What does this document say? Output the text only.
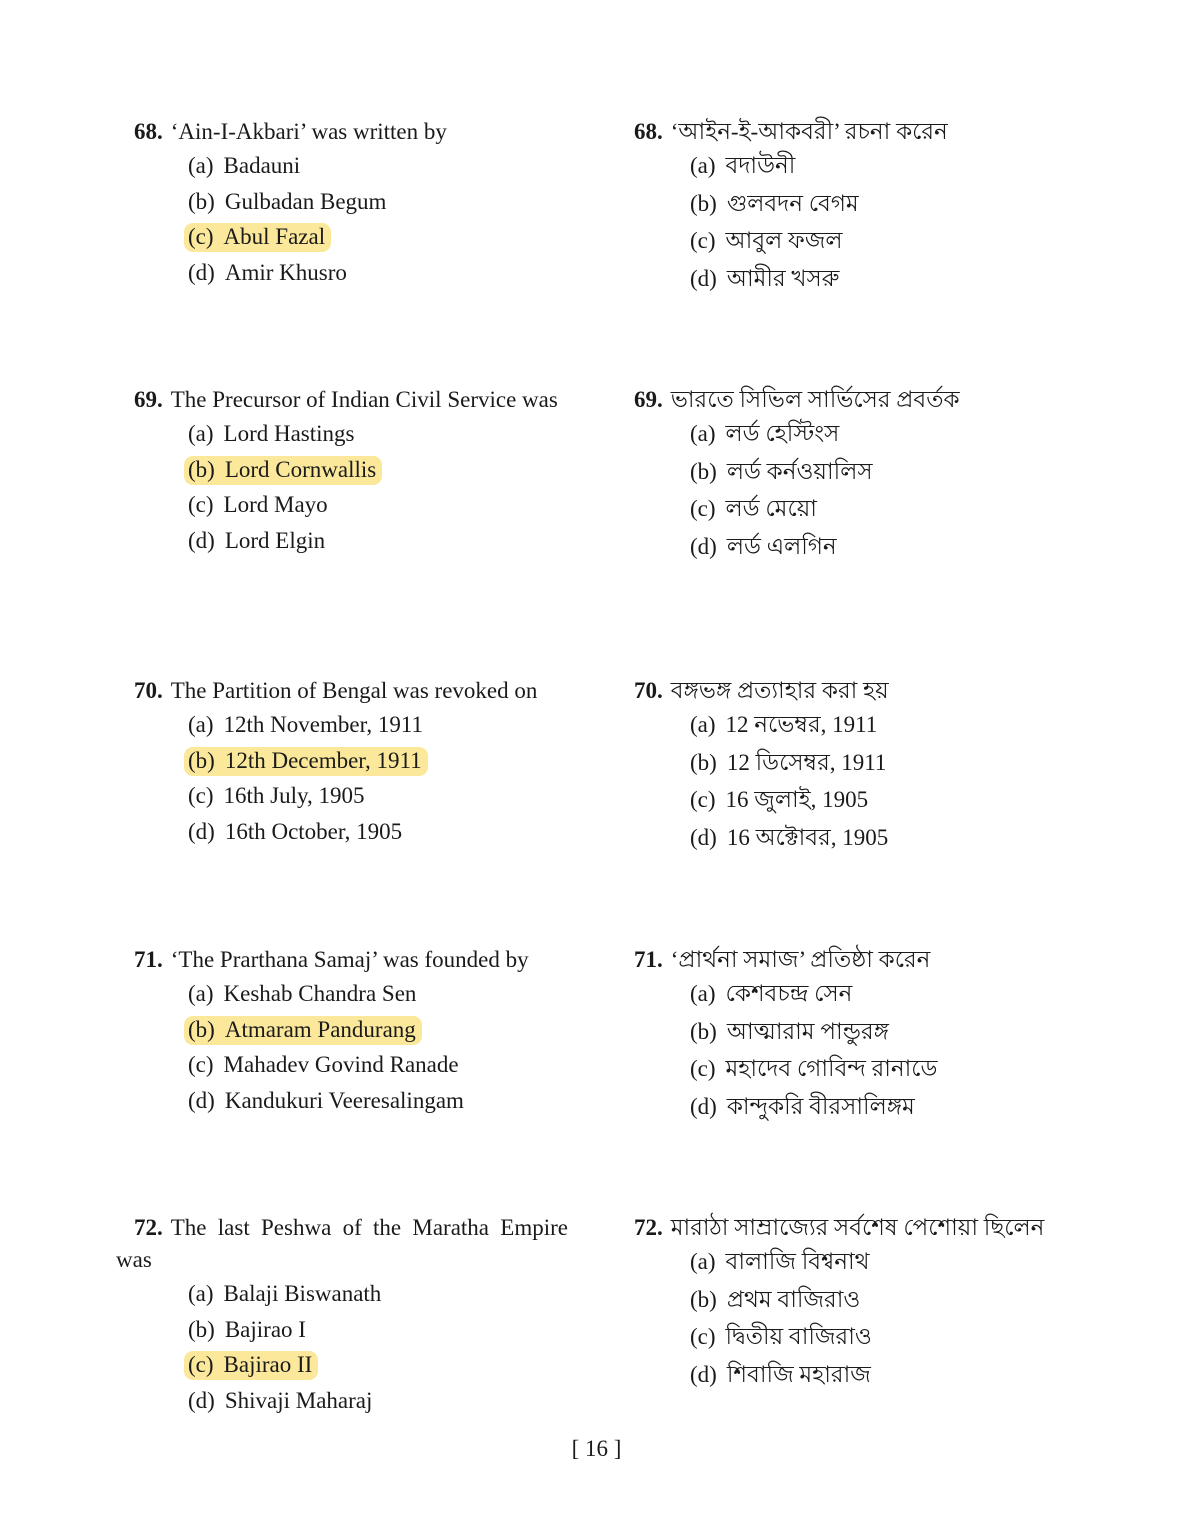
68. ‘Ain-I-Akbari’ was written by
(a) Badauni
(b) Gulbadan Begum
(c) Abul Fazal
(d) Amir Khusro
68. ‘আইন-ই-আকবরী’ রচনা করেন
(a) বদাউনী
(b) গুলবদন বেগম
(c) আবুল ফজল
(d) আমীর খসরু
69. The Precursor of Indian Civil Service was
(a) Lord Hastings
(b) Lord Cornwallis
(c) Lord Mayo
(d) Lord Elgin
69. ভারতে সিভিল সার্ভিসের প্রবর্তক
(a) লর্ড হেস্টিংস
(b) লর্ড কর্নওয়ালিস
(c) লর্ড মেয়ো
(d) লর্ড এলগিন
70. The Partition of Bengal was revoked on
(a) 12th November, 1911
(b) 12th December, 1911
(c) 16th July, 1905
(d) 16th October, 1905
70. বঙ্গভঙ্গ প্রত্যাহার করা হয়
(a) 12 নভেম্বর, 1911
(b) 12 ডিসেম্বর, 1911
(c) 16 জুলাই, 1905
(d) 16 অক্টোবর, 1905
71. ‘The Prarthana Samaj’ was founded by
(a) Keshab Chandra Sen
(b) Atmaram Pandurang
(c) Mahadev Govind Ranade
(d) Kandukuri Veeresalingam
71. ‘প্রার্থনা সমাজ’ প্রতিষ্ঠা করেন
(a) কেশবচন্দ্র সেন
(b) আত্মারাম পান্ডুরঙ্গ
(c) মহাদেব গোবিন্দ রানাডে
(d) কান্দুকরি বীরসালিঙ্গম
72. The last Peshwa of the Maratha Empire was
(a) Balaji Biswanath
(b) Bajirao I
(c) Bajirao II
(d) Shivaji Maharaj
72. মারাঠা সাম্রাজ্যের সর্বশেষ পেশোয়া ছিলেন
(a) বালাজি বিশ্বনাথ
(b) প্রথম বাজিরাও
(c) দ্বিতীয় বাজিরাও
(d) শিবাজি মহারাজ
[ 16 ]
